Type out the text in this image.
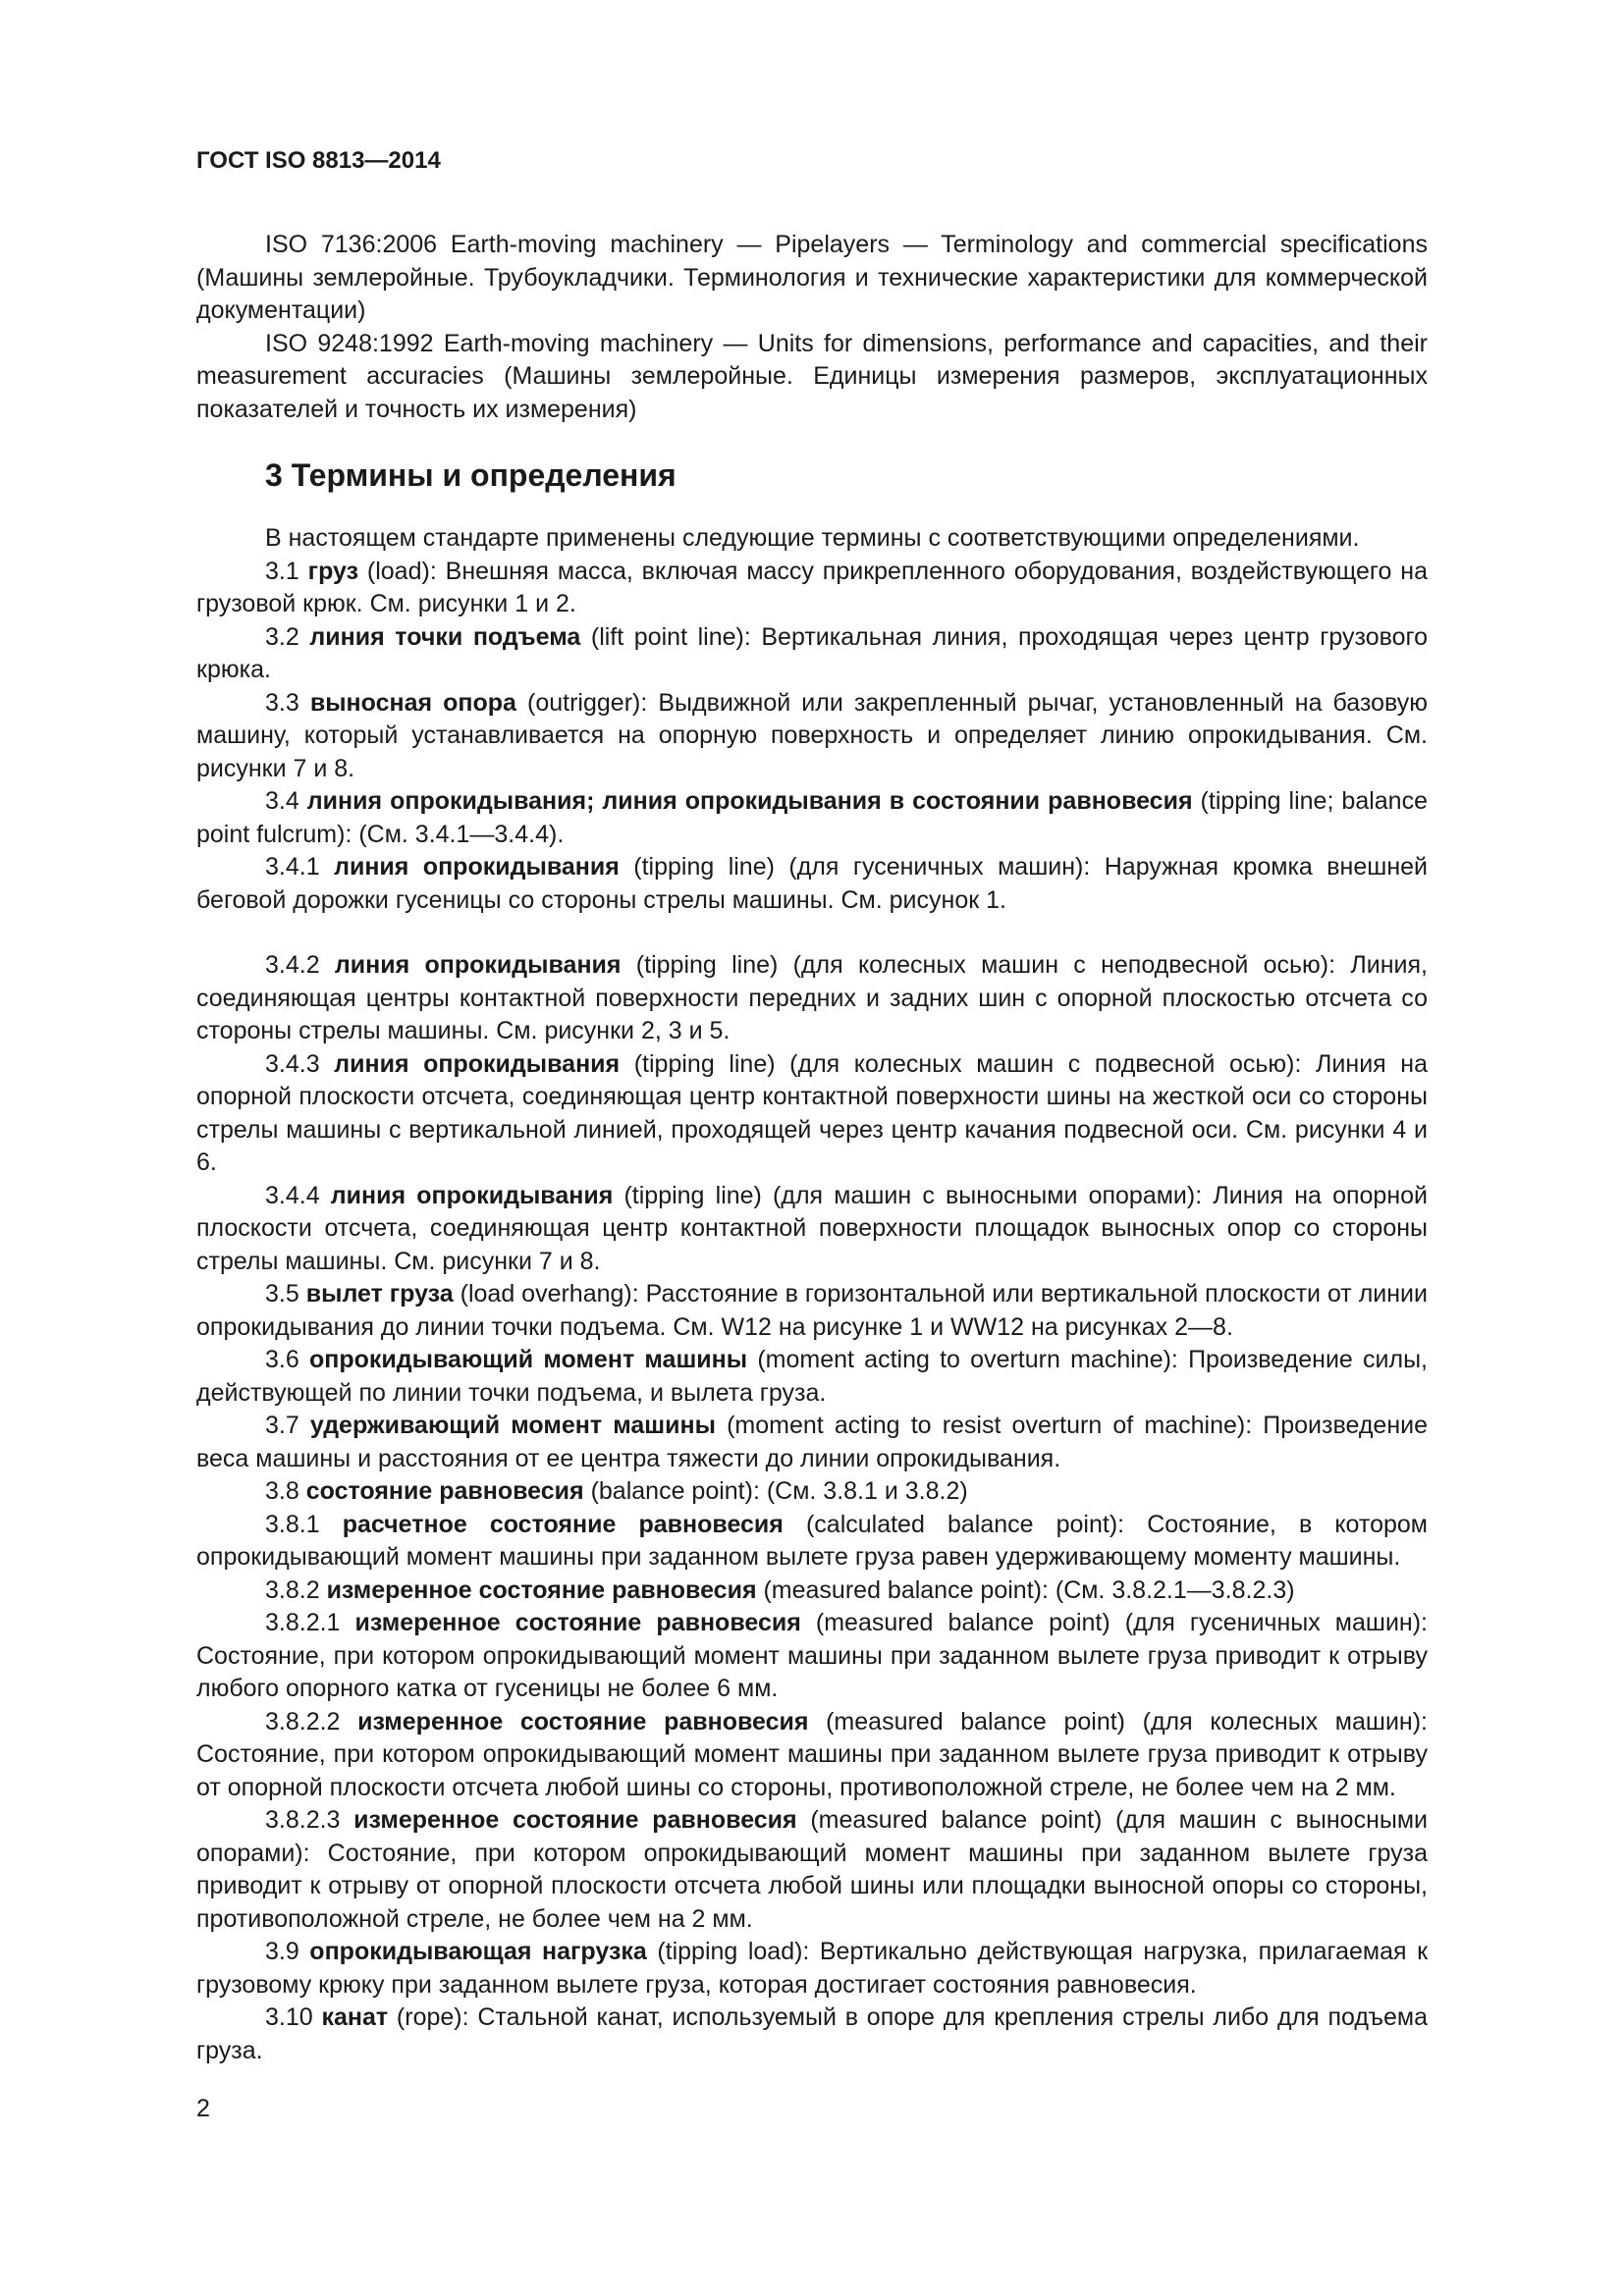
ГОСТ ISO 8813—2014

ISO 7136:2006 Earth-moving machinery — Pipelayers — Terminology and commercial specifications (Машины землеройные. Трубоукладчики. Терминология и технические характеристики для коммерческой документации)

ISO 9248:1992 Earth-moving machinery — Units for dimensions, performance and capacities, and their measurement accuracies (Машины землеройные. Единицы измерения размеров, эксплуатационных показателей и точность их измерения)

3 Термины и определения

В настоящем стандарте применены следующие термины с соответствующими определениями.

3.1 груз (load): Внешняя масса, включая массу прикрепленного оборудования, воздействующего на грузовой крюк. См. рисунки 1 и 2.

3.2 линия точки подъема (lift point line): Вертикальная линия, проходящая через центр грузового крюка.

3.3 выносная опора (outrigger): Выдвижной или закрепленный рычаг, установленный на базовую машину, который устанавливается на опорную поверхность и определяет линию опрокидывания. См. рисунки 7 и 8.

3.4 линия опрокидывания; линия опрокидывания в состоянии равновесия (tipping line; balance point fulcrum): (См. 3.4.1—3.4.4).

3.4.1 линия опрокидывания (tipping line) (для гусеничных машин): Наружная кромка внешней беговой дорожки гусеницы со стороны стрелы машины. См. рисунок 1.

3.4.2 линия опрокидывания (tipping line) (для колесных машин с неподвесной осью): Линия, соединяющая центры контактной поверхности передних и задних шин с опорной плоскостью отсчета со стороны стрелы машины. См. рисунки 2, 3 и 5.

3.4.3 линия опрокидывания (tipping line) (для колесных машин с подвесной осью): Линия на опорной плоскости отсчета, соединяющая центр контактной поверхности шины на жесткой оси со стороны стрелы машины с вертикальной линией, проходящей через центр качания подвесной оси. См. рисунки 4 и 6.

3.4.4 линия опрокидывания (tipping line) (для машин с выносными опорами): Линия на опорной плоскости отсчета, соединяющая центр контактной поверхности площадок выносных опор со стороны стрелы машины. См. рисунки 7 и 8.

3.5 вылет груза (load overhang): Расстояние в горизонтальной или вертикальной плоскости от линии опрокидывания до линии точки подъема. См. W12 на рисунке 1 и WW12 на рисунках 2—8.

3.6 опрокидывающий момент машины (moment acting to overturn machine): Произведение силы, действующей по линии точки подъема, и вылета груза.

3.7 удерживающий момент машины (moment acting to resist overturn of machine): Произведение веса машины и расстояния от ее центра тяжести до линии опрокидывания.

3.8 состояние равновесия (balance point): (См. 3.8.1 и 3.8.2)

3.8.1 расчетное состояние равновесия (calculated balance point): Состояние, в котором опрокидывающий момент машины при заданном вылете груза равен удерживающему моменту машины.

3.8.2 измеренное состояние равновесия (measured balance point): (См. 3.8.2.1—3.8.2.3)

3.8.2.1 измеренное состояние равновесия (measured balance point) (для гусеничных машин): Состояние, при котором опрокидывающий момент машины при заданном вылете груза приводит к отрыву любого опорного катка от гусеницы не более 6 мм.

3.8.2.2 измеренное состояние равновесия (measured balance point) (для колесных машин): Состояние, при котором опрокидывающий момент машины при заданном вылете груза приводит к отрыву от опорной плоскости отсчета любой шины со стороны, противоположной стреле, не более чем на 2 мм.

3.8.2.3 измеренное состояние равновесия (measured balance point) (для машин с выносными опорами): Состояние, при котором опрокидывающий момент машины при заданном вылете груза приводит к отрыву от опорной плоскости отсчета любой шины или площадки выносной опоры со стороны, противоположной стреле, не более чем на 2 мм.

3.9 опрокидывающая нагрузка (tipping load): Вертикально действующая нагрузка, прилагаемая к грузовому крюку при заданном вылете груза, которая достигает состояния равновесия.

3.10 канат (rope): Стальной канат, используемый в опоре для крепления стрелы либо для подъема груза.

2
